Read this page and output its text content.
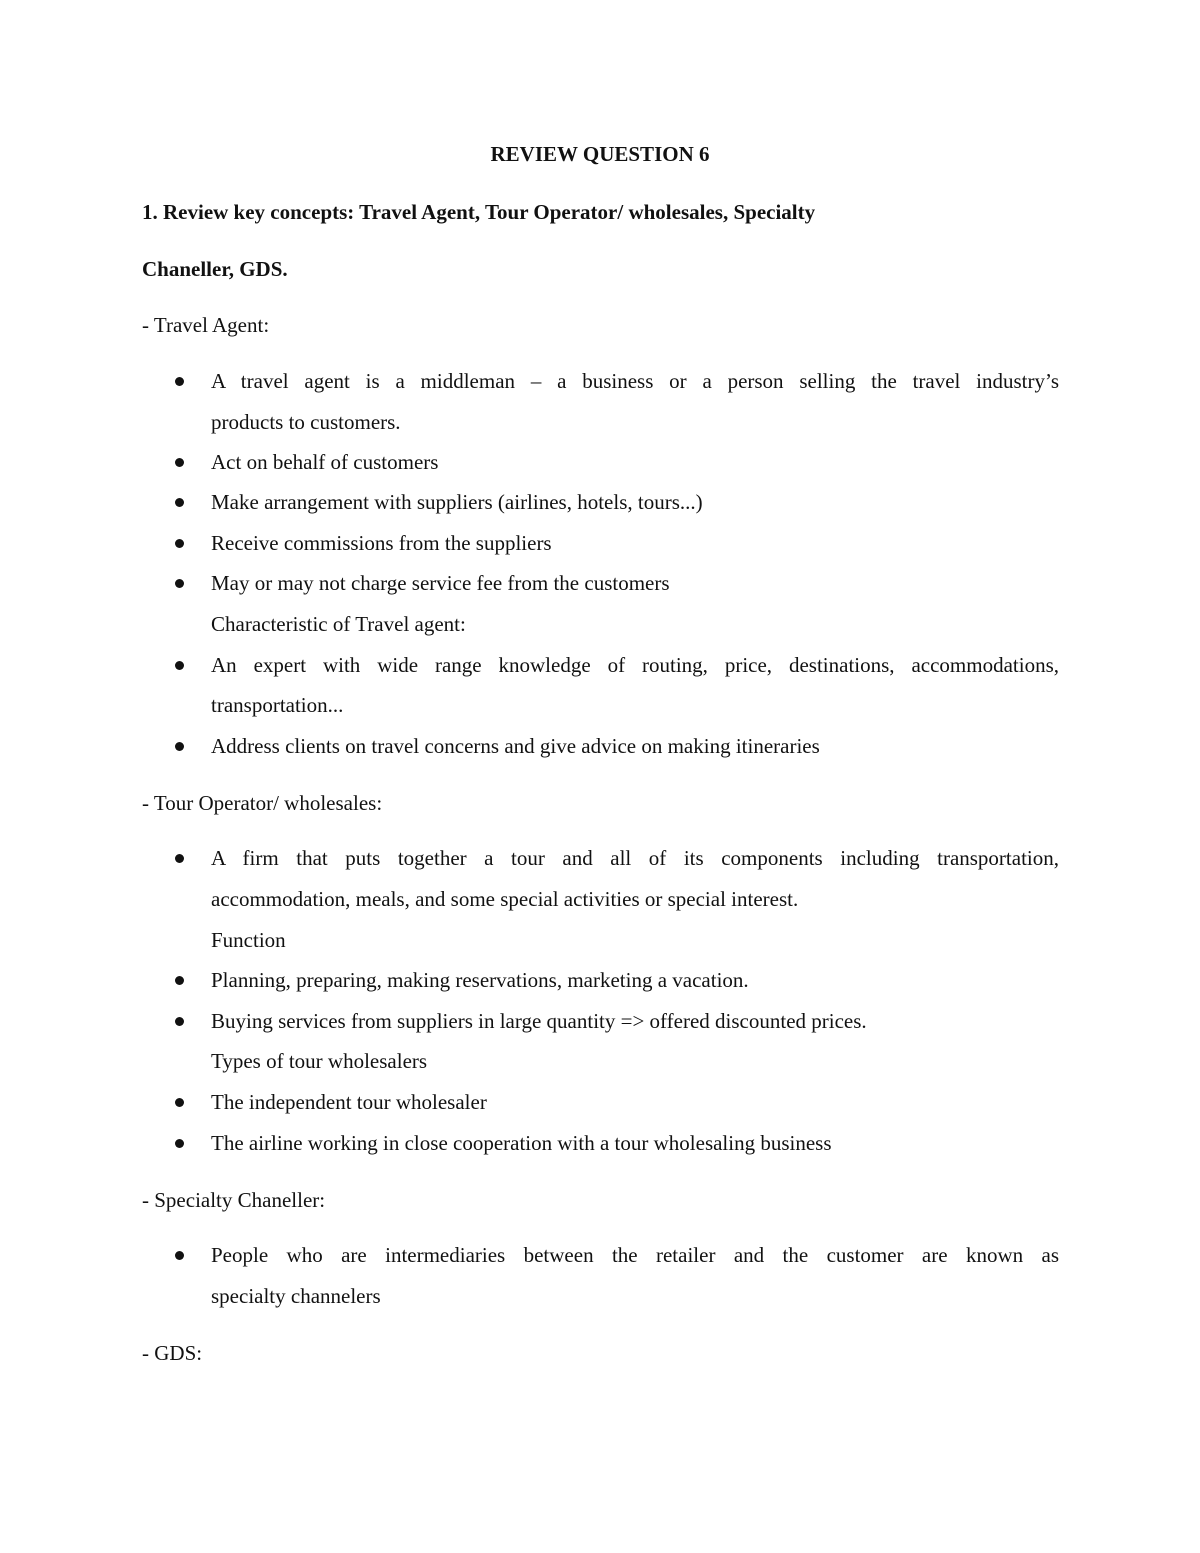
REVIEW QUESTION 6
1. Review key concepts: Travel Agent, Tour Operator/ wholesales, Specialty
Chaneller, GDS.
- Travel Agent:
A travel agent is a middleman – a business or a person selling the travel industry’s
products to customers.
Act on behalf of customers
Make arrangement with suppliers (airlines, hotels, tours...)
Receive commissions from the suppliers
May or may not charge service fee from the customers
Characteristic of Travel agent:
An expert with wide range knowledge of routing, price, destinations, accommodations,
transportation...
Address clients on travel concerns and give advice on making itineraries
- Tour Operator/ wholesales:
A firm that puts together a tour and all of its components including transportation,
accommodation, meals, and some special activities or special interest.
Function
Planning, preparing, making reservations, marketing a vacation.
Buying services from suppliers in large quantity => offered discounted prices.
Types of tour wholesalers
The independent tour wholesaler
The airline working in close cooperation with a tour wholesaling business
- Specialty Chaneller:
People who are intermediaries between the retailer and the customer are known as
specialty channelers
- GDS:
